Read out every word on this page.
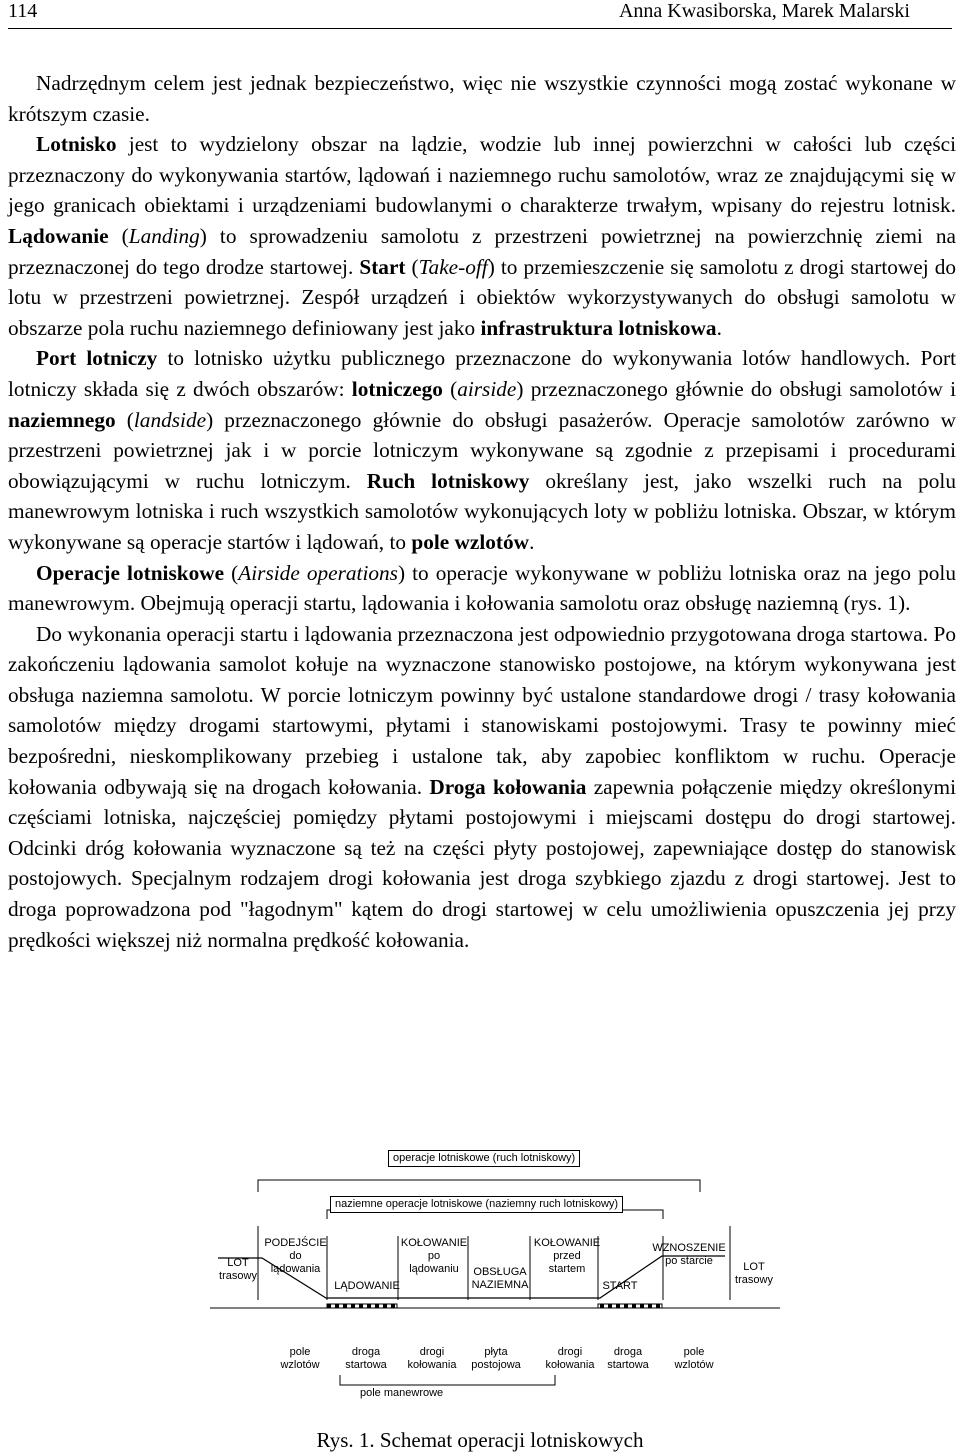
114	Anna Kwasiborska, Marek Malarski

Nadrzędnym celem jest jednak bezpieczeństwo, więc nie wszystkie czynności mogą zostać wykonane w krótszym czasie.

Lotnisko jest to wydzielony obszar na lądzie, wodzie lub innej powierzchni w całości lub części przeznaczony do wykonywania startów, lądowań i naziemnego ruchu samolotów, wraz ze znajdującymi się w jego granicach obiektami i urządzeniami budowlanymi o charakterze trwałym, wpisany do rejestru lotnisk. Lądowanie (Landing) to sprowadzeniu samolotu z przestrzeni powietrznej na powierzchnię ziemi na przeznaczonej do tego drodze startowej. Start (Take-off) to przemieszczenie się samolotu z drogi startowej do lotu w przestrzeni powietrznej. Zespół urządzeń i obiektów wykorzystywanych do obsługi samolotu w obszarze pola ruchu naziemnego definiowany jest jako infrastruktura lotniskowa.

Port lotniczy to lotnisko użytku publicznego przeznaczone do wykonywania lotów handlowych. Port lotniczy składa się z dwóch obszarów: lotniczego (airside) przeznaczonego głównie do obsługi samolotów i naziemnego (landside) przeznaczonego głównie do obsługi pasażerów. Operacje samolotów zarówno w przestrzeni powietrznej jak i w porcie lotniczym wykonywane są zgodnie z przepisami i procedurami obowiązującymi w ruchu lotniczym. Ruch lotniskowy określany jest, jako wszelki ruch na polu manewrowym lotniska i ruch wszystkich samolotów wykonujących loty w pobliżu lotniska. Obszar, w którym wykonywane są operacje startów i lądowań, to pole wzlotów.

Operacje lotniskowe (Airside operations) to operacje wykonywane w pobliżu lotniska oraz na jego polu manewrowym. Obejmują operacji startu, lądowania i kołowania samolotu oraz obsługę naziemną (rys. 1).

Do wykonania operacji startu i lądowania przeznaczona jest odpowiednio przygotowana droga startowa. Po zakończeniu lądowania samolot kołuje na wyznaczone stanowisko postojowe, na którym wykonywana jest obsługa naziemna samolotu. W porcie lotniczym powinny być ustalone standardowe drogi / trasy kołowania samolotów między drogami startowymi, płytami i stanowiskami postojowymi. Trasy te powinny mieć bezpośredni, nieskomplikowany przebieg i ustalone tak, aby zapobiec konfliktom w ruchu. Operacje kołowania odbywają się na drogach kołowania. Droga kołowania zapewnia połączenie między określonymi częściami lotniska, najczęściej pomiędzy płytami postojowymi i miejscami dostępu do drogi startowej. Odcinki dróg kołowania wyznaczone są też na części płyty postojowej, zapewniające dostęp do stanowisk postojowych. Specjalnym rodzajem drogi kołowania jest droga szybkiego zjazdu z drogi startowej. Jest to droga poprowadzona pod "łagodnym" kątem do drogi startowej w celu umożliwienia opuszczenia jej przy prędkości większej niż normalna prędkość kołowania.

operacje lotniskowe (ruch lotniskowy)
naziemne operacje lotniskowe (naziemny ruch lotniskowy)
LOT
trasowy
PODEJŚCIE
do
lądowania
LĄDOWANIE
KOŁOWANIE
po
lądowaniu	OBSŁUGA
NAZIEMNA
KOŁOWANIE
przed
startem
START
WZNOSZENIE
po starcie	LOT
trasowy
pole
wzlotów
droga
startowa
drogi
kołowania
płyta
postojowa
drogi
kołowania
droga
startowa
pole
wzlotów
pole manewrowe
Rys. 1. Schemat operacji lotniskowych
